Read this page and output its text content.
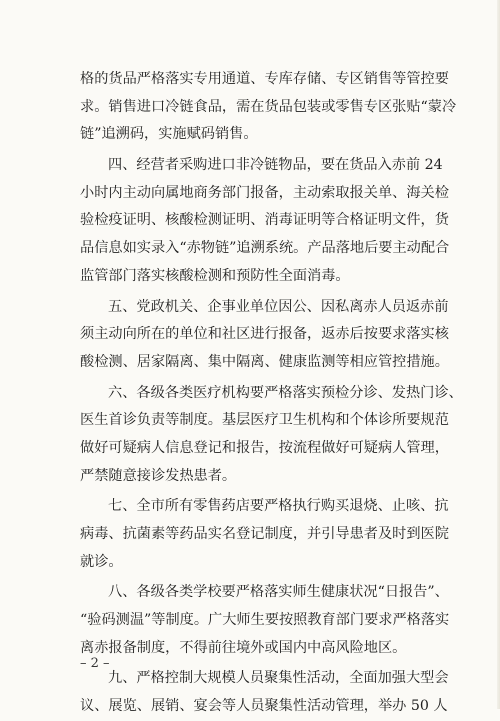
格的货品严格落实专用通道、专库存储、专区销售等管控要

求。销售进口冷链食品，需在货品包装或零售专区张贴“蒙冷

链”追溯码，实施赋码销售。

四、经营者采购进口非冷链物品，要在货品入赤前 24

小时内主动向属地商务部门报备，主动索取报关单、海关检

验检疫证明、核酸检测证明、消毒证明等合格证明文件，货

品信息如实录入“赤物链”追溯系统。产品落地后要主动配合

监管部门落实核酸检测和预防性全面消毒。

五、党政机关、企事业单位因公、因私离赤人员返赤前

须主动向所在的单位和社区进行报备，返赤后按要求落实核

酸检测、居家隔离、集中隔离、健康监测等相应管控措施。

六、各级各类医疗机构要严格落实预检分诊、发热门诊、

医生首诊负责等制度。基层医疗卫生机构和个体诊所要规范

做好可疑病人信息登记和报告，按流程做好可疑病人管理，

严禁随意接诊发热患者。

七、全市所有零售药店要严格执行购买退烧、止咳、抗

病毒、抗菌素等药品实名登记制度，并引导患者及时到医院

就诊。

八、各级各类学校要严格落实师生健康状况“日报告”、

“验码测温”等制度。广大师生要按照教育部门要求严格落实

离赤报备制度，不得前往境外或国内中高风险地区。

九、严格控制大规模人员聚集性活动，全面加强大型会

议、展览、展销、宴会等人员聚集性活动管理，举办 50 人

– 2 –
